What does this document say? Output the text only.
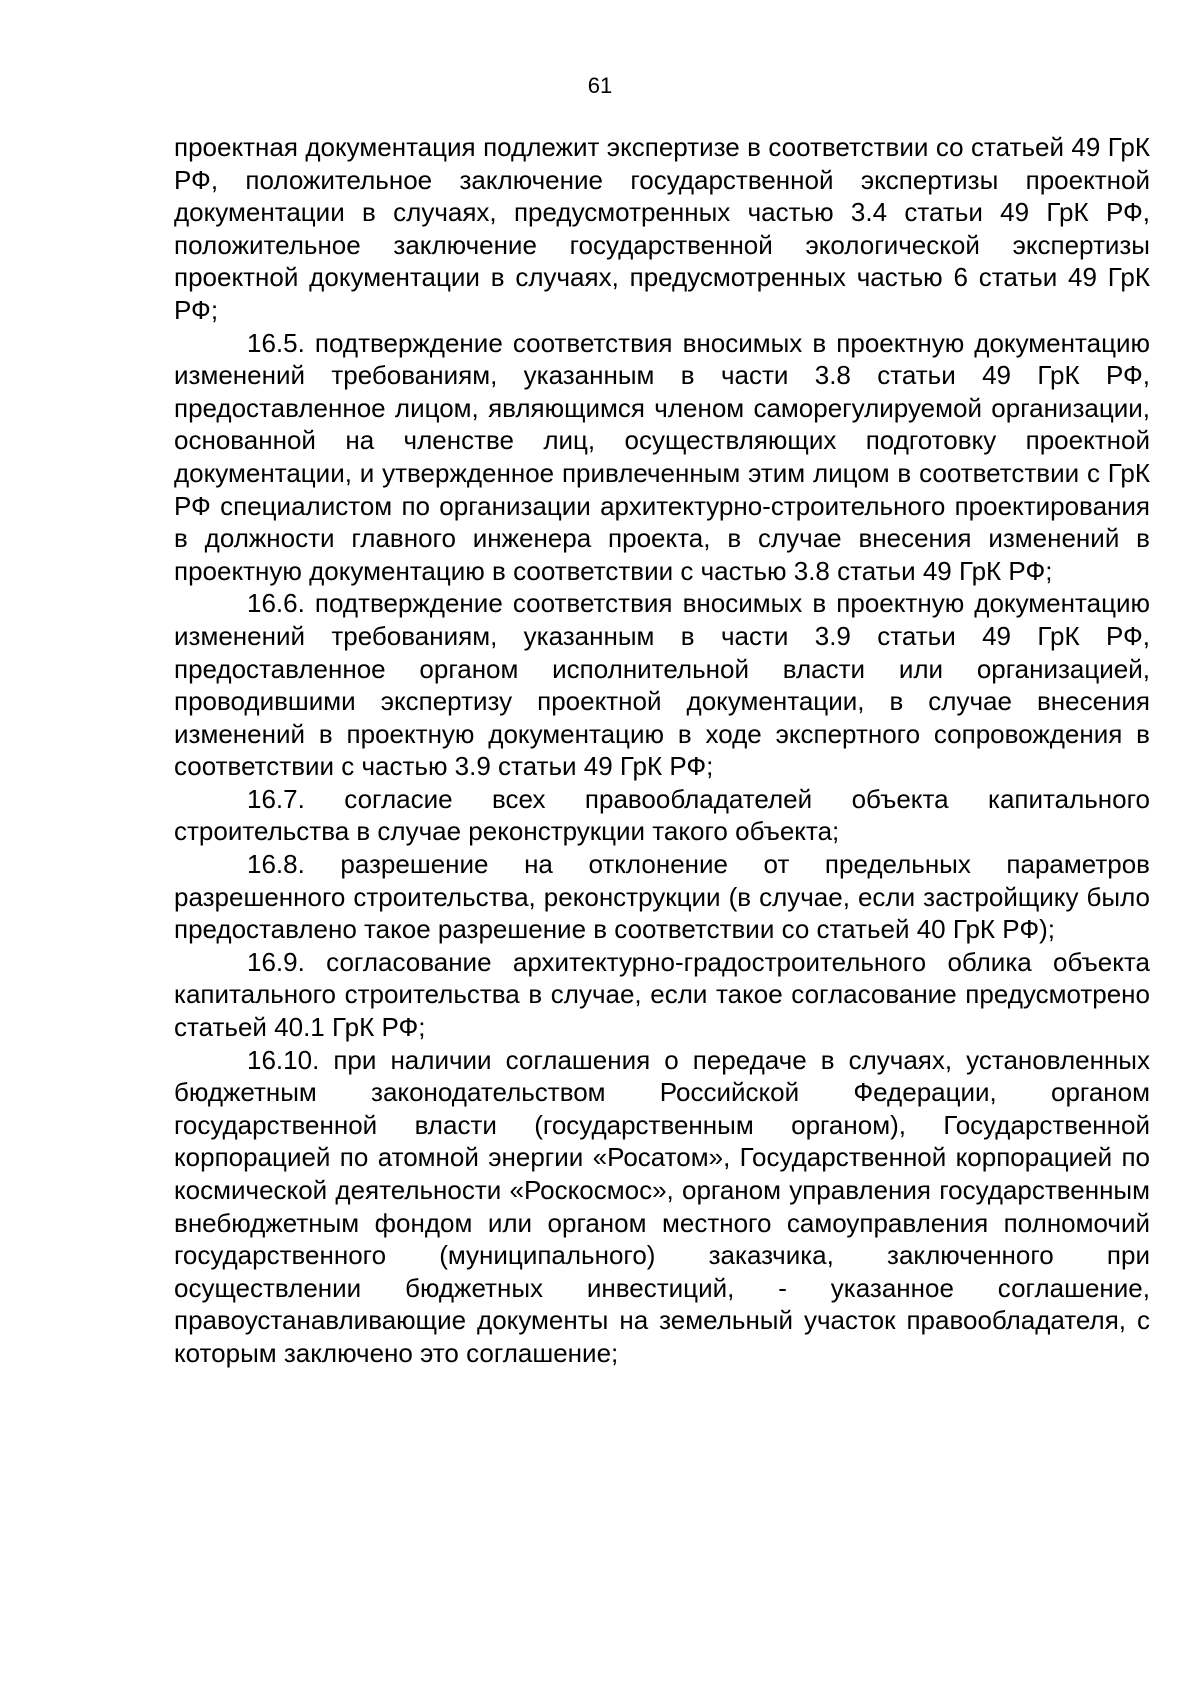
61

проектная документация подлежит экспертизе в соответствии со статьей 49 ГрК РФ, положительное заключение государственной экспертизы проектной документации в случаях, предусмотренных частью 3.4 статьи 49 ГрК РФ, положительное заключение государственной экологической экспертизы проектной документации в случаях, предусмотренных частью 6 статьи 49 ГрК РФ;

16.5. подтверждение соответствия вносимых в проектную документацию изменений требованиям, указанным в части 3.8 статьи 49 ГрК РФ, предоставленное лицом, являющимся членом саморегулируемой организации, основанной на членстве лиц, осуществляющих подготовку проектной документации, и утвержденное привлеченным этим лицом в соответствии с ГрК РФ специалистом по организации архитектурно-строительного проектирования в должности главного инженера проекта, в случае внесения изменений в проектную документацию в соответствии с частью 3.8 статьи 49 ГрК РФ;

16.6. подтверждение соответствия вносимых в проектную документацию изменений требованиям, указанным в части 3.9 статьи 49 ГрК РФ, предоставленное органом исполнительной власти или организацией, проводившими экспертизу проектной документации, в случае внесения изменений в проектную документацию в ходе экспертного сопровождения в соответствии с частью 3.9 статьи 49 ГрК РФ;

16.7. согласие всех правообладателей объекта капитального строительства в случае реконструкции такого объекта;

16.8. разрешение на отклонение от предельных параметров разрешенного строительства, реконструкции (в случае, если застройщику было предоставлено такое разрешение в соответствии со статьей 40 ГрК РФ);

16.9. согласование архитектурно-градостроительного облика объекта капитального строительства в случае, если такое согласование предусмотрено статьей 40.1 ГрК РФ;

16.10. при наличии соглашения о передаче в случаях, установленных бюджетным законодательством Российской Федерации, органом государственной власти (государственным органом), Государственной корпорацией по атомной энергии «Росатом», Государственной корпорацией по космической деятельности «Роскосмос», органом управления государственным внебюджетным фондом или органом местного самоуправления полномочий государственного (муниципального) заказчика, заключенного при осуществлении бюджетных инвестиций, - указанное соглашение, правоустанавливающие документы на земельный участок правообладателя, с которым заключено это соглашение;
